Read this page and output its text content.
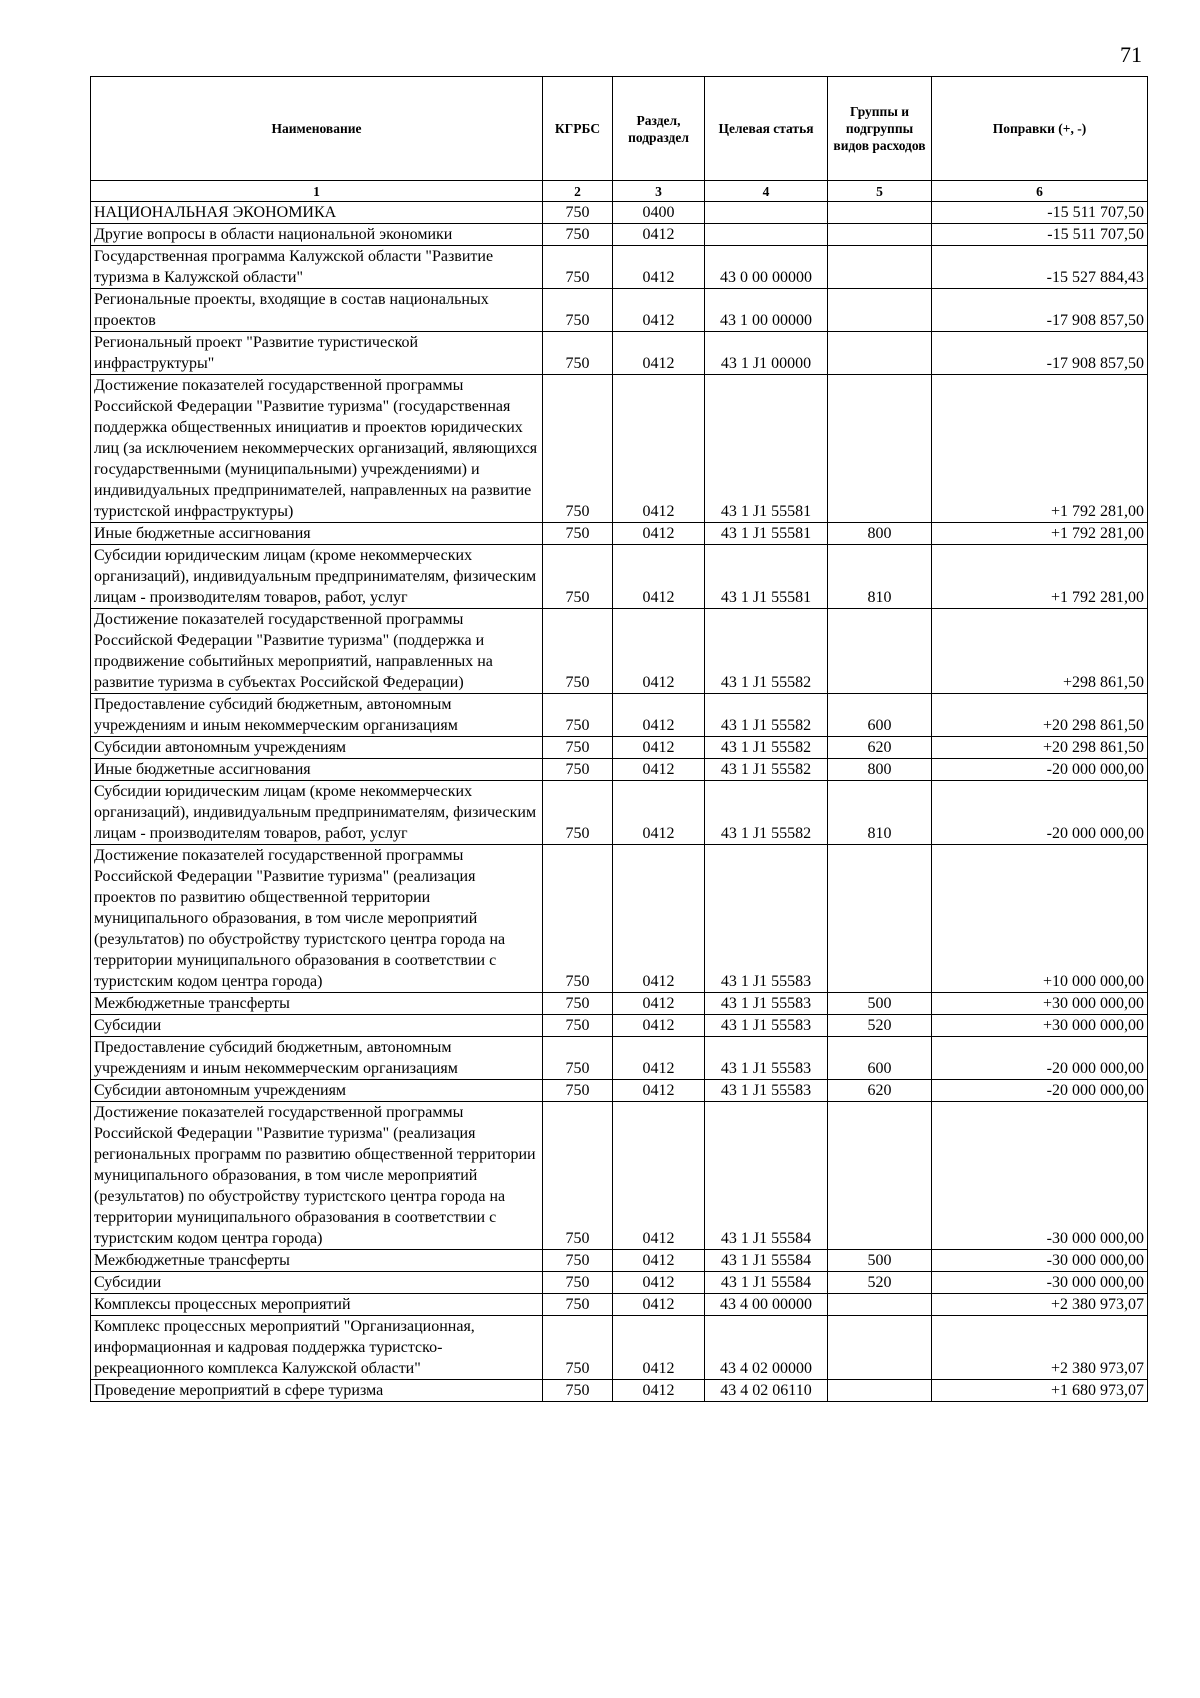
71
Наименование	КГРБС	Раздел, подраздел	Целевая статья	Группы и подгруппы видов расходов	Поправки (+, -)
1	2	3	4	5	6
НАЦИОНАЛЬНАЯ ЭКОНОМИКА	750	0400			-15 511 707,50
Другие вопросы в области национальной экономики	750	0412			-15 511 707,50
Государственная программа Калужской области "Развитие туризма в Калужской области"	750	0412	43 0 00 00000		-15 527 884,43
Региональные проекты, входящие в состав национальных проектов	750	0412	43 1 00 00000		-17 908 857,50
Региональный проект "Развитие туристической инфраструктуры"	750	0412	43 1 J1 00000		-17 908 857,50
Достижение показателей государственной программы Российской Федерации "Развитие туризма" (государственная поддержка общественных инициатив и проектов юридических лиц (за исключением некоммерческих организаций, являющихся государственными (муниципальными) учреждениями) и индивидуальных предпринимателей, направленных на развитие туристской инфраструктуры)	750	0412	43 1 J1 55581		+1 792 281,00
Иные бюджетные ассигнования	750	0412	43 1 J1 55581	800	+1 792 281,00
Субсидии юридическим лицам (кроме некоммерческих организаций), индивидуальным предпринимателям, физическим лицам - производителям товаров, работ, услуг	750	0412	43 1 J1 55581	810	+1 792 281,00
Достижение показателей государственной программы Российской Федерации "Развитие туризма" (поддержка и продвижение событийных мероприятий, направленных на развитие туризма в субъектах Российской Федерации)	750	0412	43 1 J1 55582		+298 861,50
Предоставление субсидий бюджетным, автономным учреждениям и иным некоммерческим организациям	750	0412	43 1 J1 55582	600	+20 298 861,50
Субсидии автономным учреждениям	750	0412	43 1 J1 55582	620	+20 298 861,50
Иные бюджетные ассигнования	750	0412	43 1 J1 55582	800	-20 000 000,00
Субсидии юридическим лицам (кроме некоммерческих организаций), индивидуальным предпринимателям, физическим лицам - производителям товаров, работ, услуг	750	0412	43 1 J1 55582	810	-20 000 000,00
Достижение показателей государственной программы Российской Федерации "Развитие туризма" (реализация проектов по развитию общественной территории муниципального образования, в том числе мероприятий (результатов) по обустройству туристского центра города на территории муниципального образования в соответствии с туристским кодом центра города)	750	0412	43 1 J1 55583		+10 000 000,00
Межбюджетные трансферты	750	0412	43 1 J1 55583	500	+30 000 000,00
Субсидии	750	0412	43 1 J1 55583	520	+30 000 000,00
Предоставление субсидий бюджетным, автономным учреждениям и иным некоммерческим организациям	750	0412	43 1 J1 55583	600	-20 000 000,00
Субсидии автономным учреждениям	750	0412	43 1 J1 55583	620	-20 000 000,00
Достижение показателей государственной программы Российской Федерации "Развитие туризма" (реализация региональных программ по развитию общественной территории муниципального образования, в том числе мероприятий (результатов) по обустройству туристского центра города на территории муниципального образования в соответствии с туристским кодом центра города)	750	0412	43 1 J1 55584		-30 000 000,00
Межбюджетные трансферты	750	0412	43 1 J1 55584	500	-30 000 000,00
Субсидии	750	0412	43 1 J1 55584	520	-30 000 000,00
Комплексы процессных мероприятий	750	0412	43 4 00 00000		+2 380 973,07
Комплекс процессных мероприятий "Организационная, информационная и кадровая поддержка туристско-рекреационного комплекса Калужской области"	750	0412	43 4 02 00000		+2 380 973,07
Проведение мероприятий в сфере туризма	750	0412	43 4 02 06110		+1 680 973,07
